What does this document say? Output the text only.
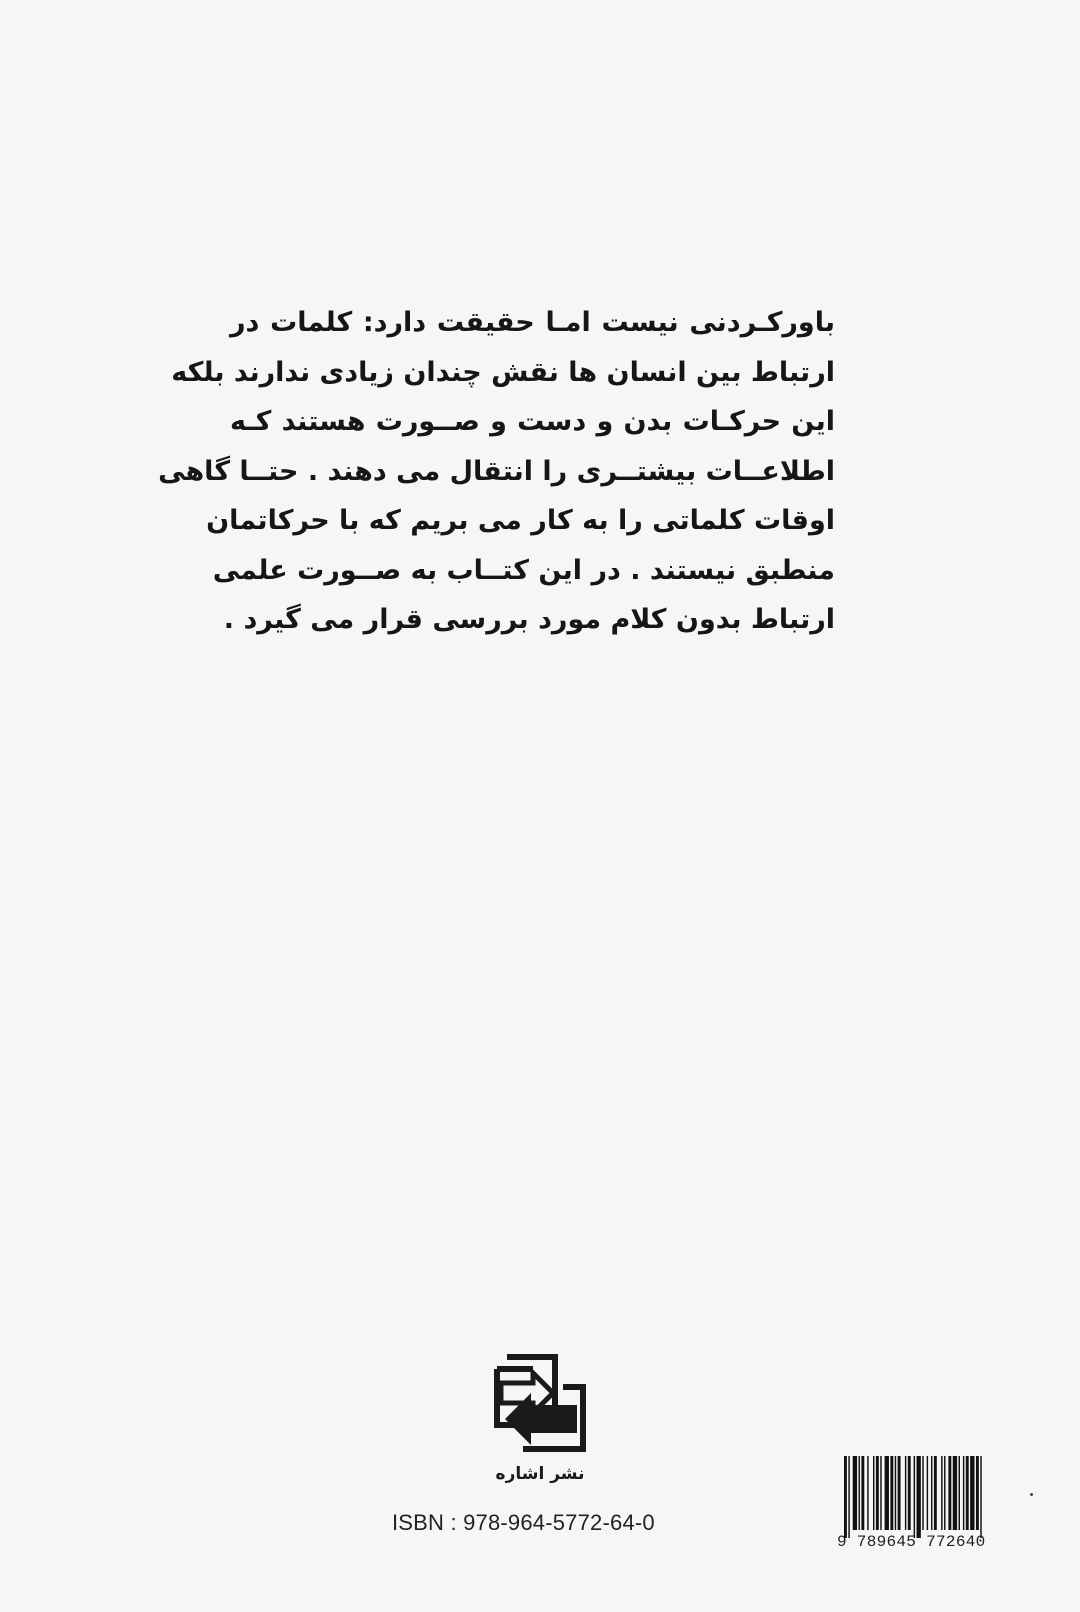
باورکـردنی نیست امـا حقیقت دارد: کلمات در
ارتباط بین انسان ها نقش چندان زیادی ندارند بلکه
این حرکـات بدن و دست و صــورت هستند کـه
اطلاعــات بیشتــری را انتقال می دهند . حتــا گاهی
اوقات کلماتی را به کار می بریم که با حرکاتمان
منطبق نیستند . در این کتــاب به صــورت علمی
ارتباط بدون کلام مورد بررسی قرار می گیرد .
نشر اشاره
ISBN : 978-964-5772-64-0
9 789645 772640
